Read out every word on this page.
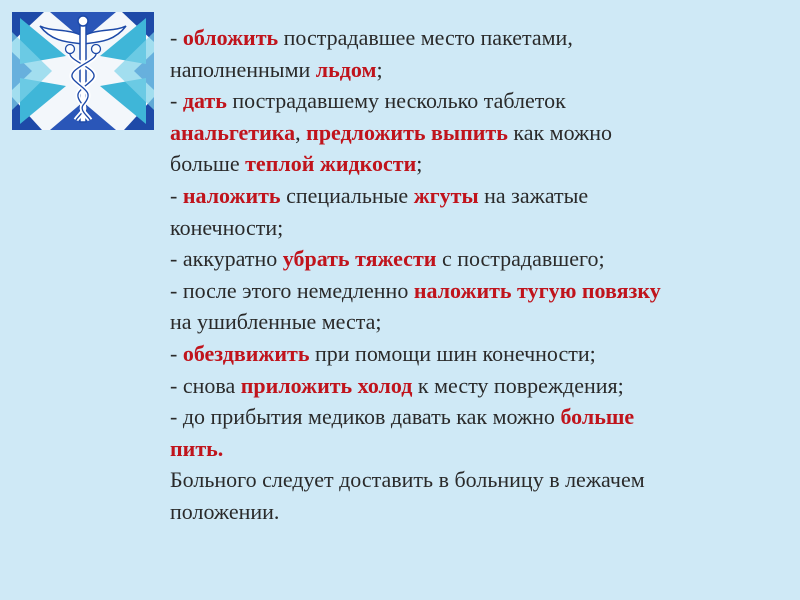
- обложить пострадавшее место пакетами,
наполненными льдом;
- дать пострадавшему несколько таблеток
анальгетика, предложить выпить как можно
больше теплой жидкости;
- наложить специальные жгуты на зажатые
конечности;
- аккуратно убрать тяжести с пострадавшего;
- после этого немедленно наложить тугую повязку
на ушибленные места;
- обездвижить при помощи шин конечности;
- снова приложить холод к месту повреждения;
- до прибытия медиков давать как можно больше
пить.
Больного следует доставить в больницу в лежачем
положении.
